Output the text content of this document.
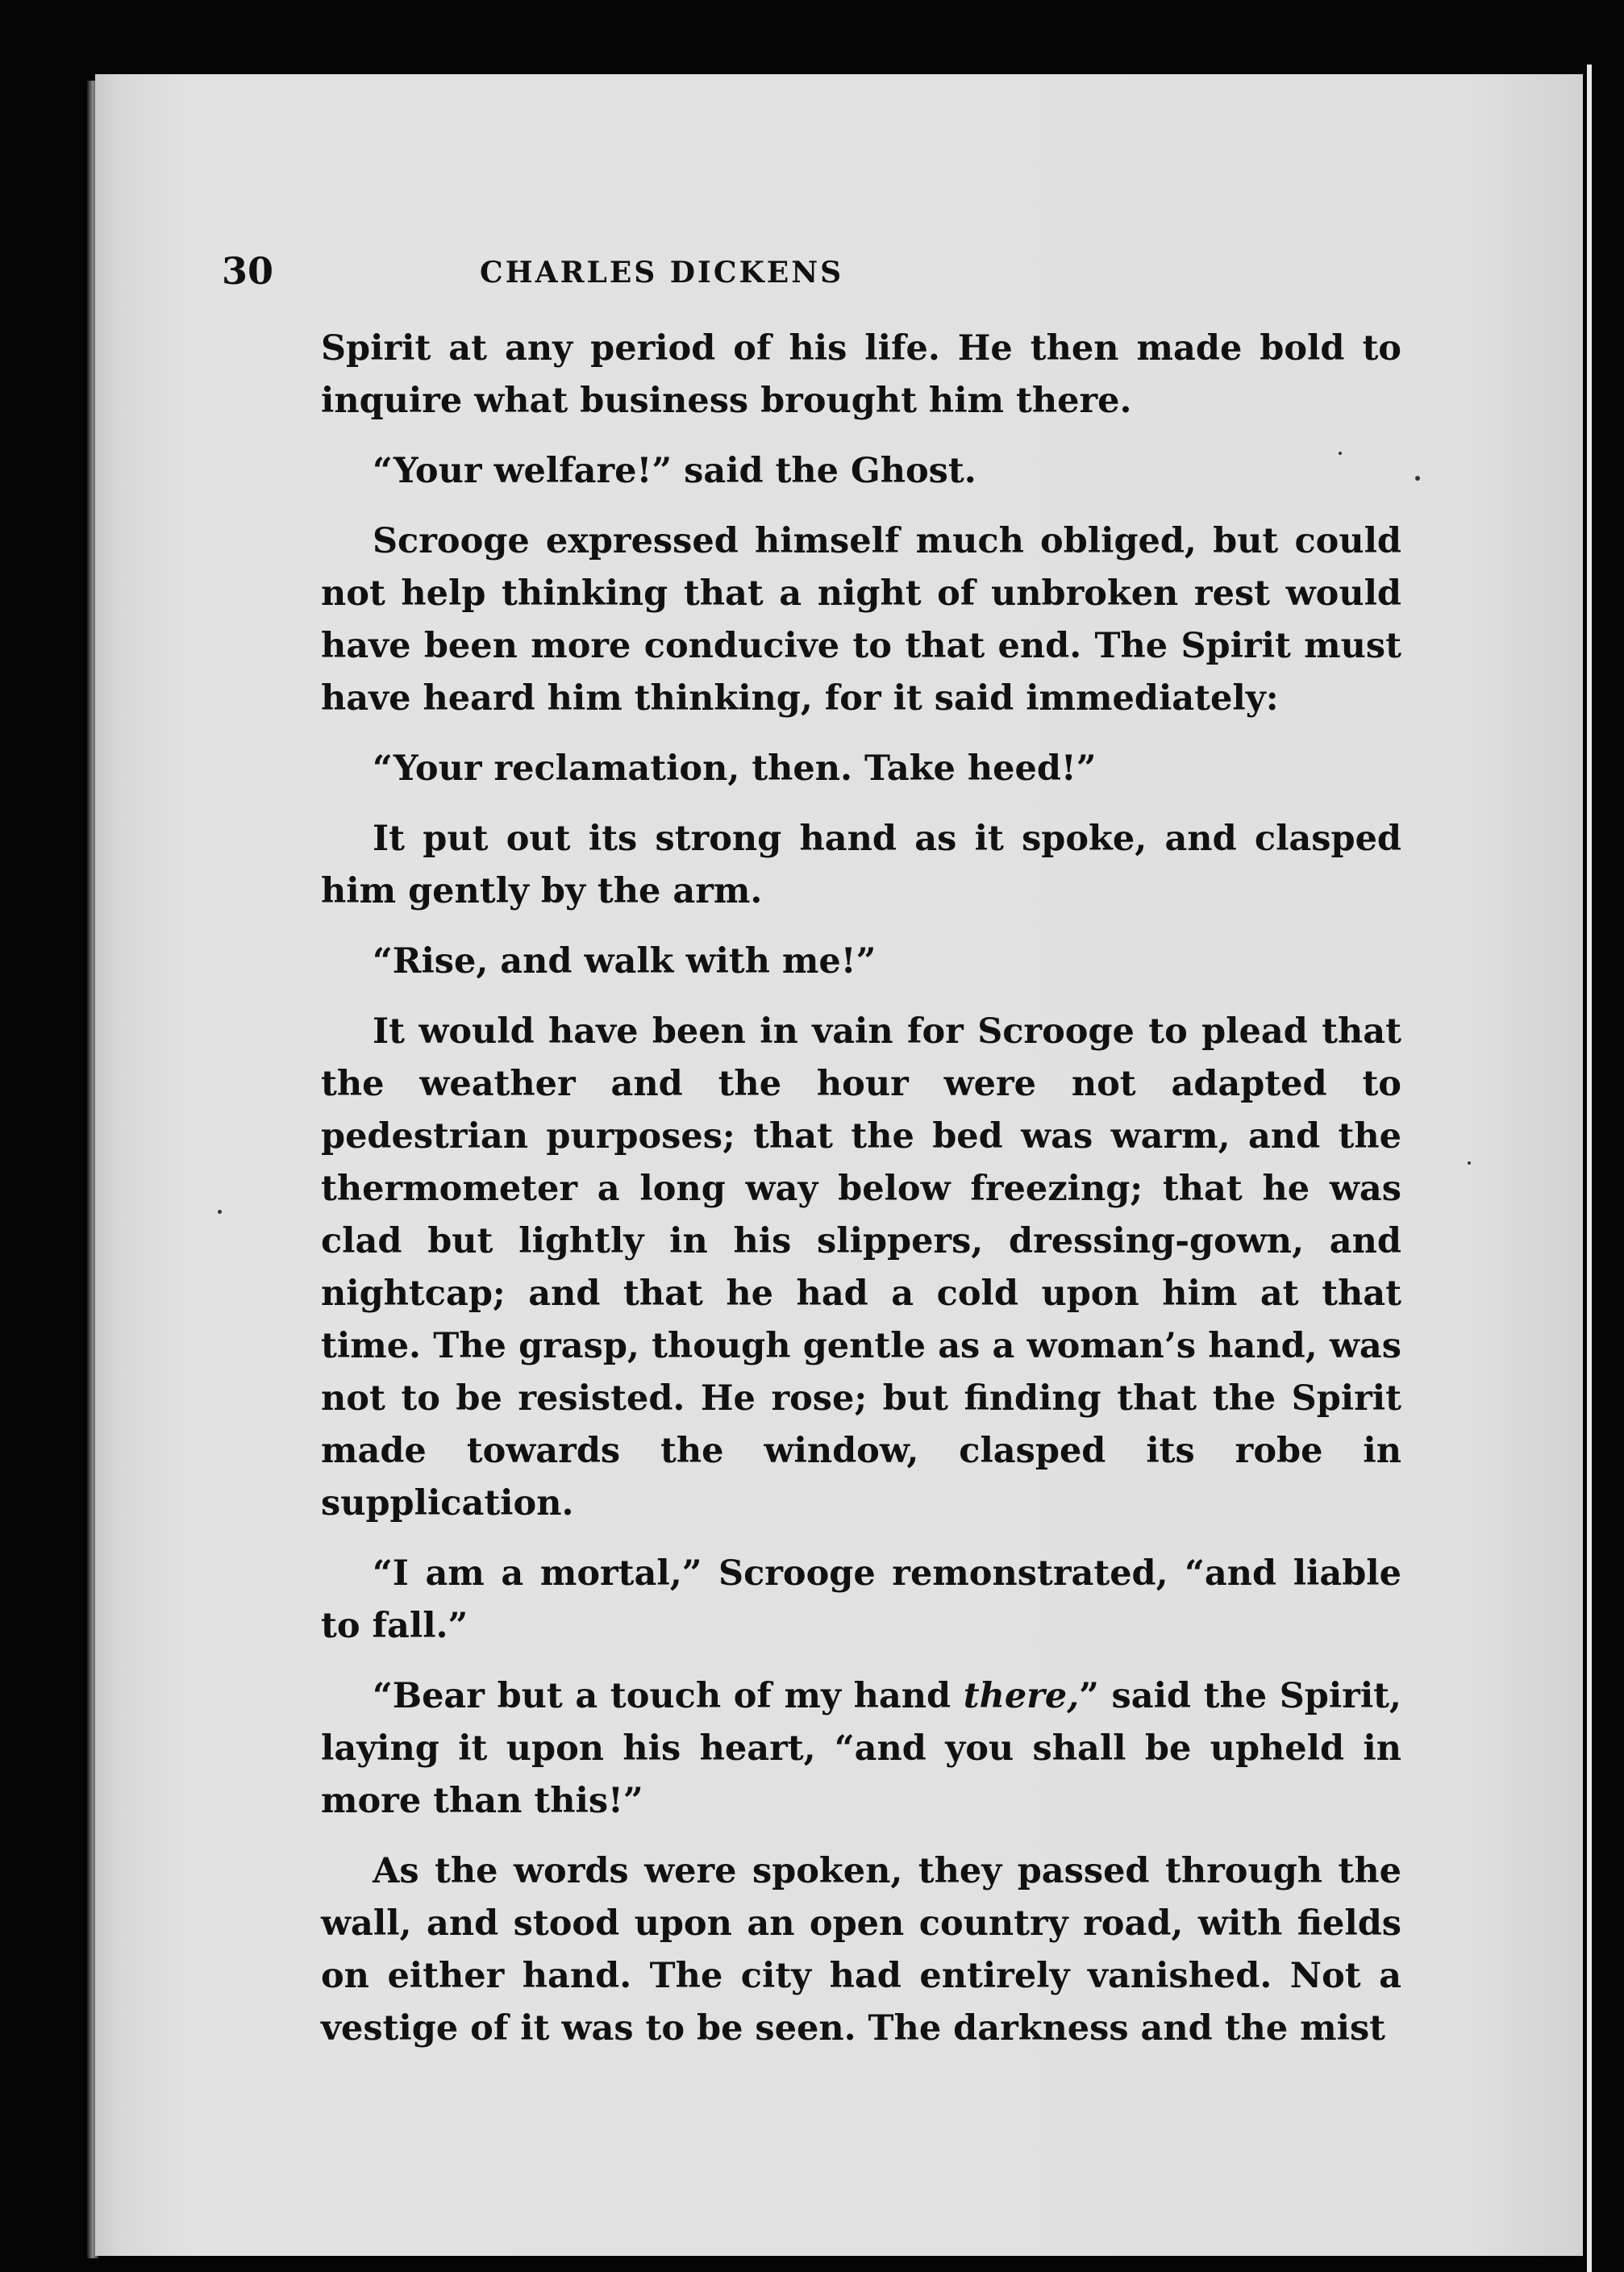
30	CHARLES DICKENS

Spirit at any period of his life. He then made bold to inquire what business brought him there.

“Your welfare!” said the Ghost.

Scrooge expressed himself much obliged, but could not help thinking that a night of unbroken rest would have been more conducive to that end. The Spirit must have heard him thinking, for it said immediately:

“Your reclamation, then. Take heed!”

It put out its strong hand as it spoke, and clasped him gently by the arm.

“Rise, and walk with me!”

It would have been in vain for Scrooge to plead that the weather and the hour were not adapted to pedestrian purposes; that the bed was warm, and the thermometer a long way below freezing; that he was clad but lightly in his slippers, dressing-gown, and nightcap; and that he had a cold upon him at that time. The grasp, though gentle as a woman’s hand, was not to be resisted. He rose; but finding that the Spirit made towards the window, clasped its robe in supplication.

“I am a mortal,” Scrooge remonstrated, “and liable to fall.”

“Bear but a touch of my hand there,” said the Spirit, laying it upon his heart, “and you shall be upheld in more than this!”

As the words were spoken, they passed through the wall, and stood upon an open country road, with fields on either hand. The city had entirely vanished. Not a vestige of it was to be seen. The darkness and the mist
